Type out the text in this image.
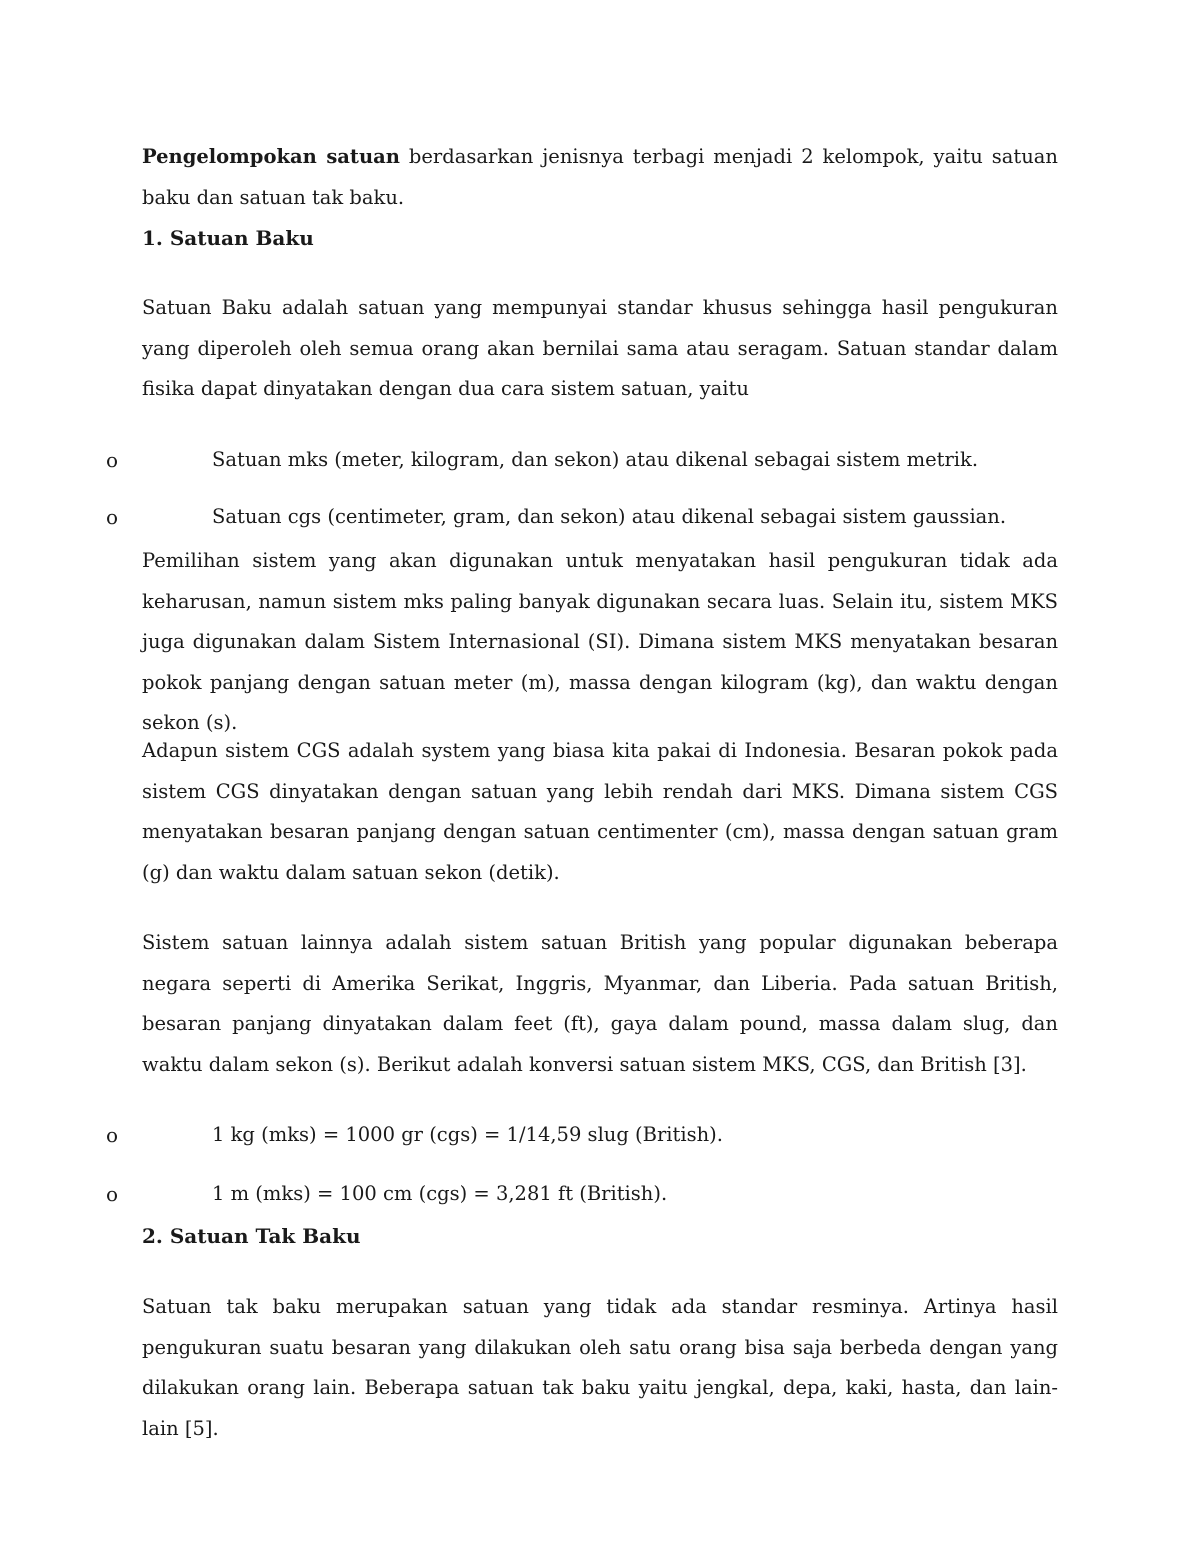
Pengelompokan satuan berdasarkan jenisnya terbagi menjadi 2 kelompok, yaitu satuan baku dan satuan tak baku.

1. Satuan Baku

Satuan Baku adalah satuan yang mempunyai standar khusus sehingga hasil pengukuran yang diperoleh oleh semua orang akan bernilai sama atau seragam. Satuan standar dalam fisika dapat dinyatakan dengan dua cara sistem satuan, yaitu

o	Satuan mks (meter, kilogram, dan sekon) atau dikenal sebagai sistem metrik.
o	Satuan cgs (centimeter, gram, dan sekon) atau dikenal sebagai sistem gaussian.

Pemilihan sistem yang akan digunakan untuk menyatakan hasil pengukuran tidak ada keharusan, namun sistem mks paling banyak digunakan secara luas. Selain itu, sistem MKS juga digunakan dalam Sistem Internasional (SI). Dimana sistem MKS menyatakan besaran pokok panjang dengan satuan meter (m), massa dengan kilogram (kg), dan waktu dengan sekon (s).

Adapun sistem CGS adalah system yang biasa kita pakai di Indonesia. Besaran pokok pada sistem CGS dinyatakan dengan satuan yang lebih rendah dari MKS. Dimana sistem CGS menyatakan besaran panjang dengan satuan centimenter (cm), massa dengan satuan gram (g) dan waktu dalam satuan sekon (detik).

Sistem satuan lainnya adalah sistem satuan British yang popular digunakan beberapa negara seperti di Amerika Serikat, Inggris, Myanmar, dan Liberia. Pada satuan British, besaran panjang dinyatakan dalam feet (ft), gaya dalam pound, massa dalam slug, dan waktu dalam sekon (s). Berikut adalah konversi satuan sistem MKS, CGS, dan British [3].

o	1 kg (mks) = 1000 gr (cgs) = 1/14,59 slug (British).
o	1 m (mks) = 100 cm (cgs) = 3,281 ft (British).
2. Satuan Tak Baku

Satuan tak baku merupakan satuan yang tidak ada standar resminya. Artinya hasil pengukuran suatu besaran yang dilakukan oleh satu orang bisa saja berbeda dengan yang dilakukan orang lain. Beberapa satuan tak baku yaitu jengkal, depa, kaki, hasta, dan lain-lain [5].
